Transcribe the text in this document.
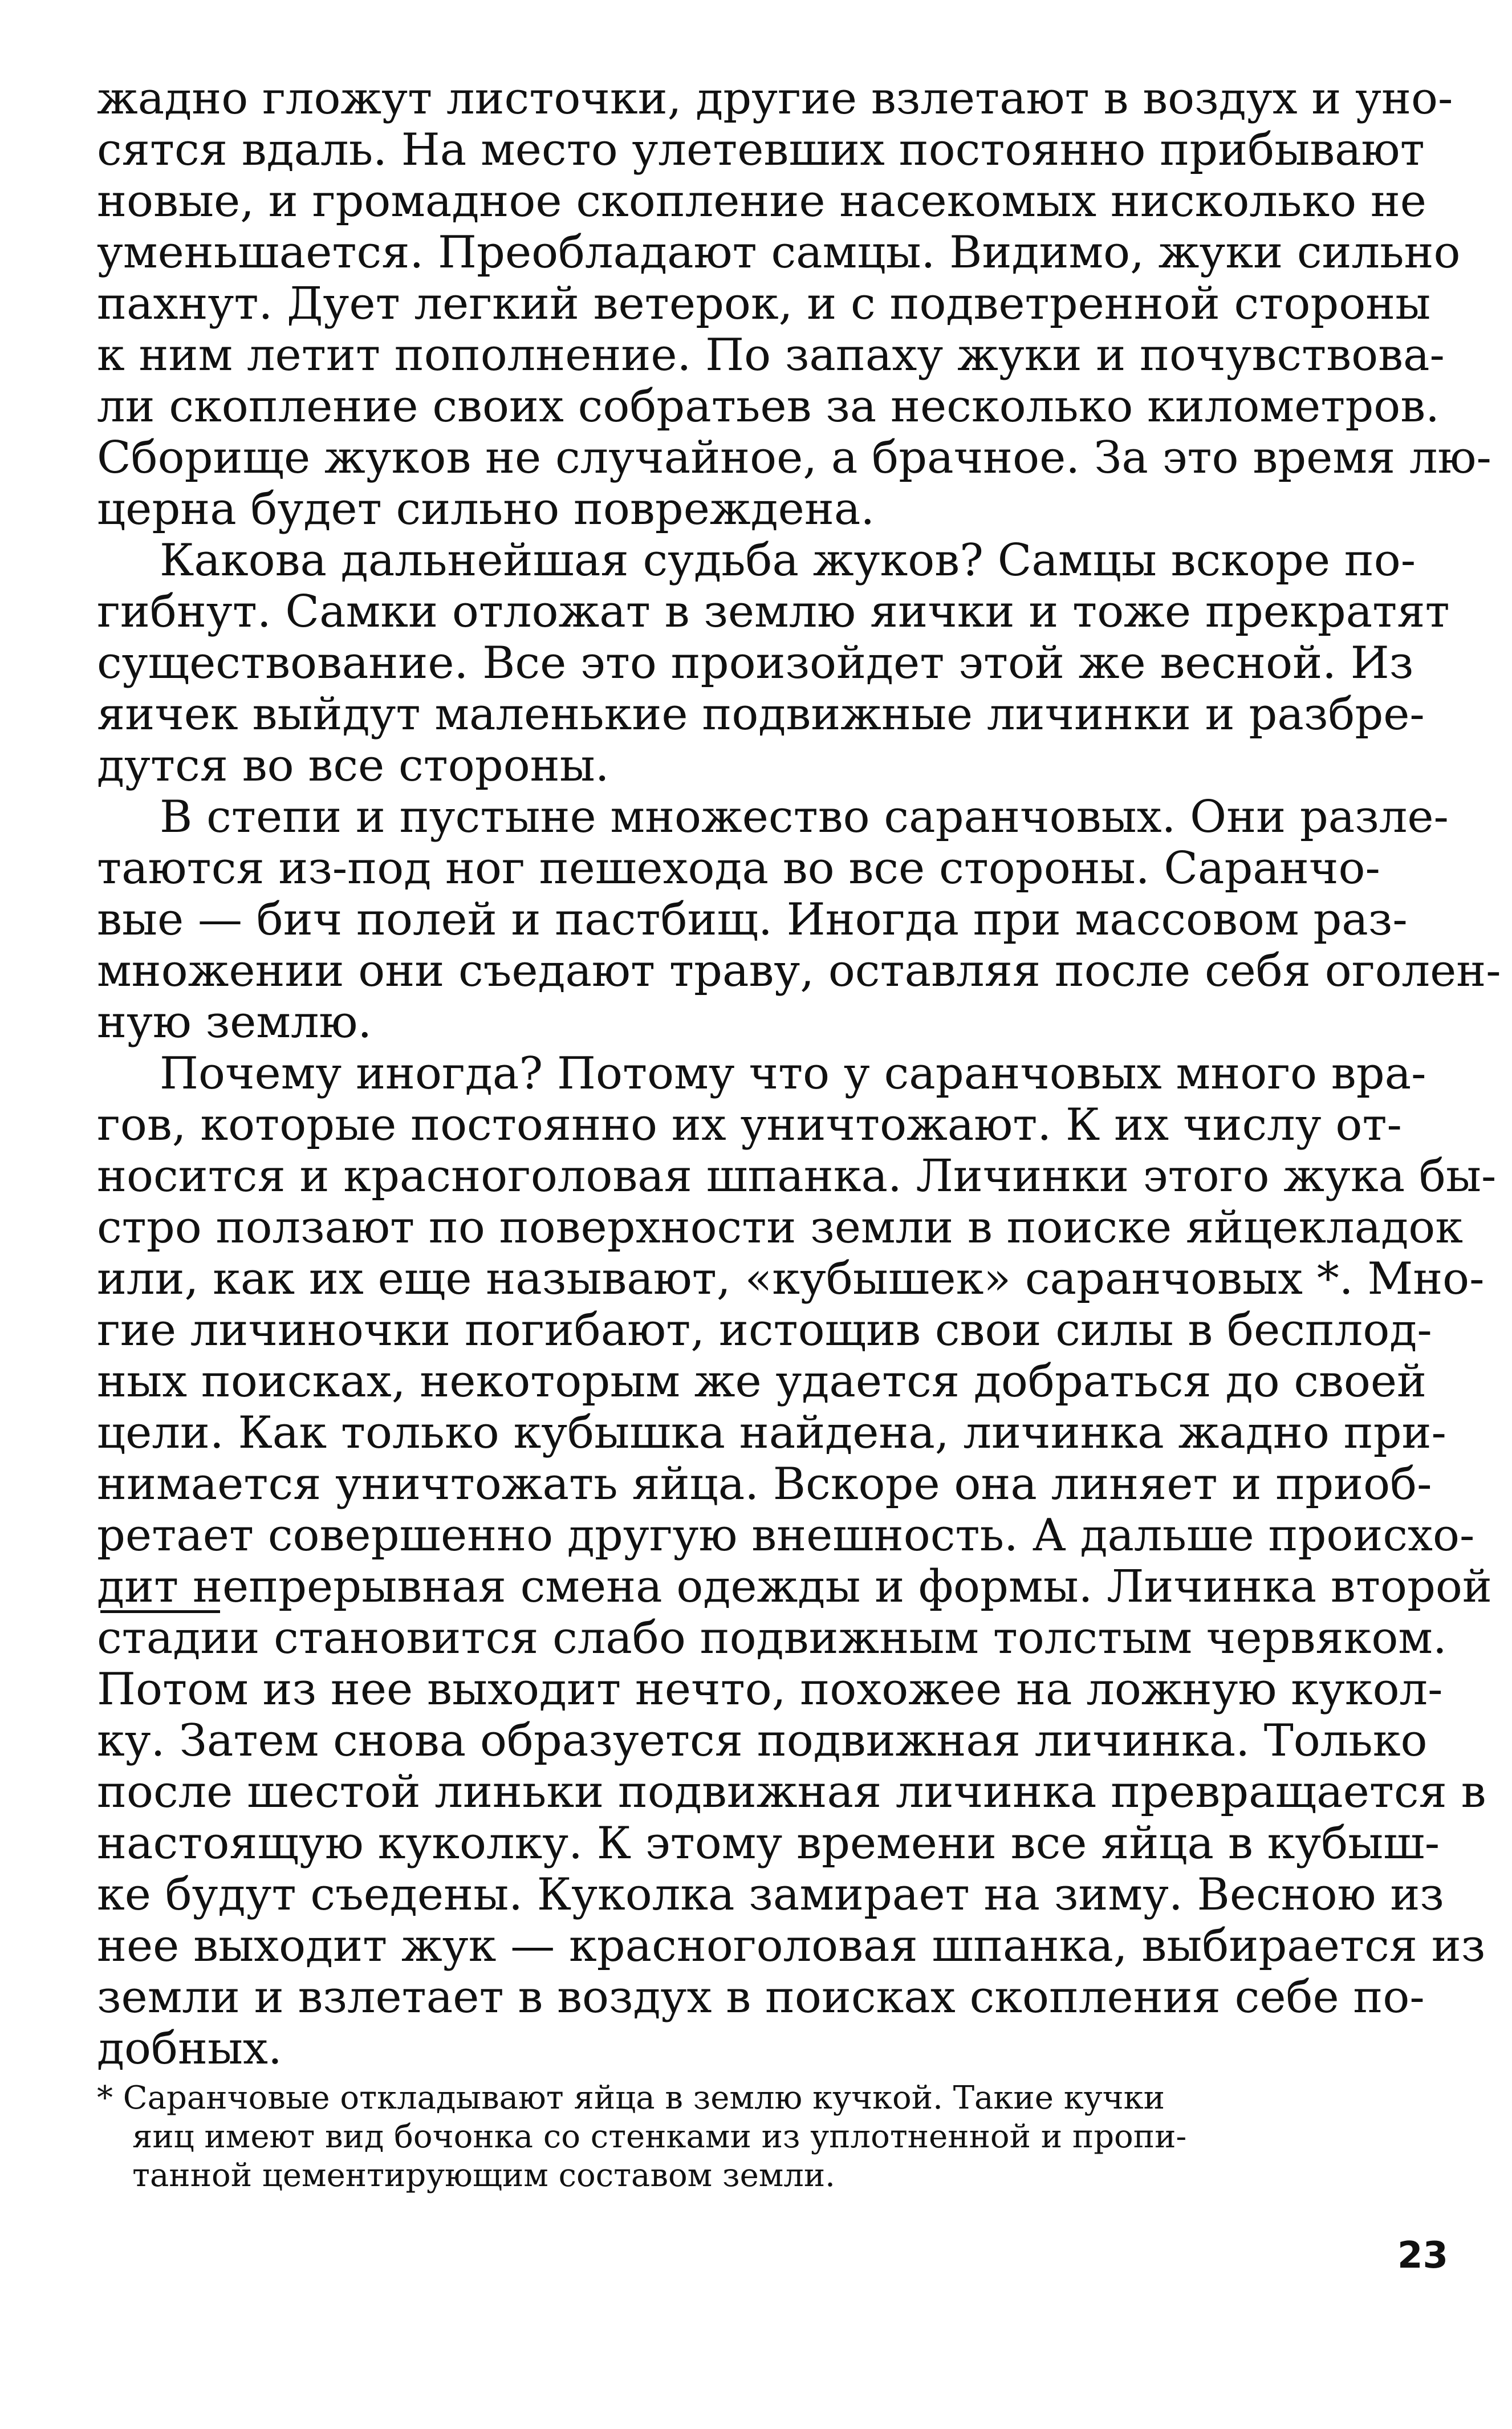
жадно гложут листочки, другие взлетают в воздух и уно-
сятся вдаль. На место улетевших постоянно прибывают
новые, и громадное скопление насекомых нисколько не
уменьшается. Преобладают самцы. Видимо, жуки сильно
пахнут. Дует легкий ветерок, и с подветренной стороны
к ним летит пополнение. По запаху жуки и почувствова-
ли скопление своих собратьев за несколько километров.
Сборище жуков не случайное, а брачное. За это время лю-
церна будет сильно повреждена.
Какова дальнейшая судьба жуков? Самцы вскоре по-
гибнут. Самки отложат в землю яички и тоже прекратят
существование. Все это произойдет этой же весной. Из
яичек выйдут маленькие подвижные личинки и разбре-
дутся во все стороны.
В степи и пустыне множество саранчовых. Они разле-
таются из-под ног пешехода во все стороны. Саранчо-
вые — бич полей и пастбищ. Иногда при массовом раз-
множении они съедают траву, оставляя после себя оголен-
ную землю.
Почему иногда? Потому что у саранчовых много вра-
гов, которые постоянно их уничтожают. К их числу от-
носится и красноголовая шпанка. Личинки этого жука бы-
стро ползают по поверхности земли в поиске яйцекладок
или, как их еще называют, «кубышек» саранчовых *. Мно-
гие личиночки погибают, истощив свои силы в бесплод-
ных поисках, некоторым же удается добраться до своей
цели. Как только кубышка найдена, личинка жадно при-
нимается уничтожать яйца. Вскоре она линяет и приоб-
ретает совершенно другую внешность. А дальше происхо-
дит непрерывная смена одежды и формы. Личинка второй
стадии становится слабо подвижным толстым червяком.
Потом из нее выходит нечто, похожее на ложную кукол-
ку. Затем снова образуется подвижная личинка. Только
после шестой линьки подвижная личинка превращается в
настоящую куколку. К этому времени все яйца в кубыш-
ке будут съедены. Куколка замирает на зиму. Весною из
нее выходит жук — красноголовая шпанка, выбирается из
земли и взлетает в воздух в поисках скопления себе по-
добных.
* Саранчовые откладывают яйца в землю кучкой. Такие кучки
яиц имеют вид бочонка со стенками из уплотненной и пропи-
танной цементирующим составом земли.
23
